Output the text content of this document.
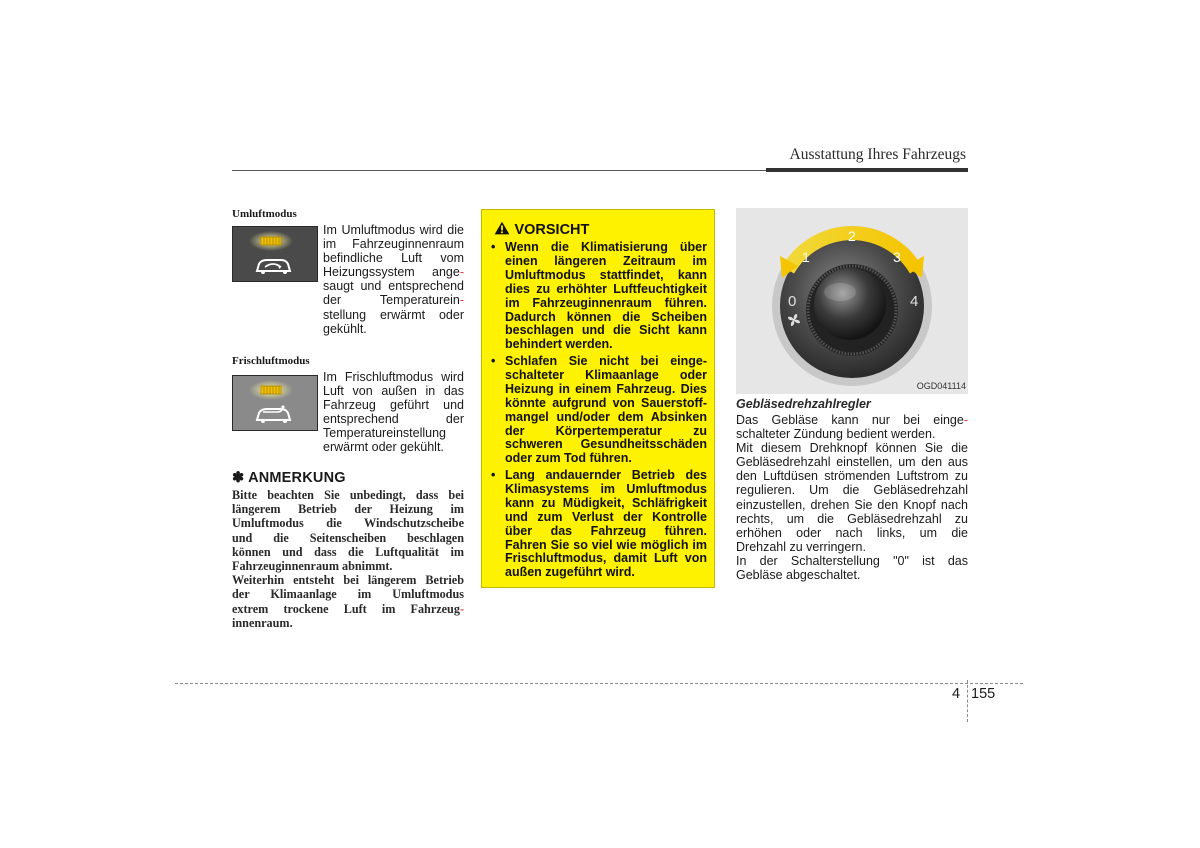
Ausstattung Ihres Fahrzeugs
Umluftmodus
Im Umluftmodus wird die
im Fahrzeuginnenraum
befindliche Luft vom
Heizungssystem ange-
saugt und entsprechend
der Temperaturein-
stellung erwärmt oder
gekühlt.
Frischluftmodus
Im Frischluftmodus wird
Luft von außen in das
Fahrzeug geführt und
entsprechend der
Temperatureinstellung
erwärmt oder gekühlt.
✽ ANMERKUNG
Bitte beachten Sie unbedingt, dass bei
längerem Betrieb der Heizung im
Umluftmodus die Windschutzscheibe
und die Seitenscheiben beschlagen
können und dass die Luftqualität im
Fahrzeuginnenraum abnimmt.
Weiterhin entsteht bei längerem Betrieb
der Klimaanlage im Umluftmodus
extrem trockene Luft im Fahrzeug-
innenraum.
VORSICHT
• Wenn die Klimatisierung über
einen längeren Zeitraum im
Umluftmodus stattfindet, kann
dies zu erhöhter Luftfeuchtigkeit
im Fahrzeuginnenraum führen.
Dadurch können die Scheiben
beschlagen und die Sicht kann
behindert werden.
• Schlafen Sie nicht bei einge-
schalteter Klimaanlage oder
Heizung in einem Fahrzeug. Dies
könnte aufgrund von Sauerstoff-
mangel und/oder dem Absinken
der Körpertemperatur zu
schweren Gesundheitsschäden
oder zum Tod führen.
• Lang andauernder Betrieb des
Klimasystems im Umluftmodus
kann zu Müdigkeit, Schläfrigkeit
und zum Verlust der Kontrolle
über das Fahrzeug führen.
Fahren Sie so viel wie möglich im
Frischluftmodus, damit Luft von
außen zugeführt wird.
0
1
2
3
4
OGD041114
Gebläsedrehzahlregler
Das Gebläse kann nur bei einge-
schalteter Zündung bedient werden.
Mit diesem Drehknopf können Sie die
Gebläsedrehzahl einstellen, um den aus
den Luftdüsen strömenden Luftstrom zu
regulieren. Um die Gebläsedrehzahl
einzustellen, drehen Sie den Knopf nach
rechts, um die Gebläsedrehzahl zu
erhöhen oder nach links, um die
Drehzahl zu verringern.
In der Schalterstellung "0" ist das
Gebläse abgeschaltet.
4 155
